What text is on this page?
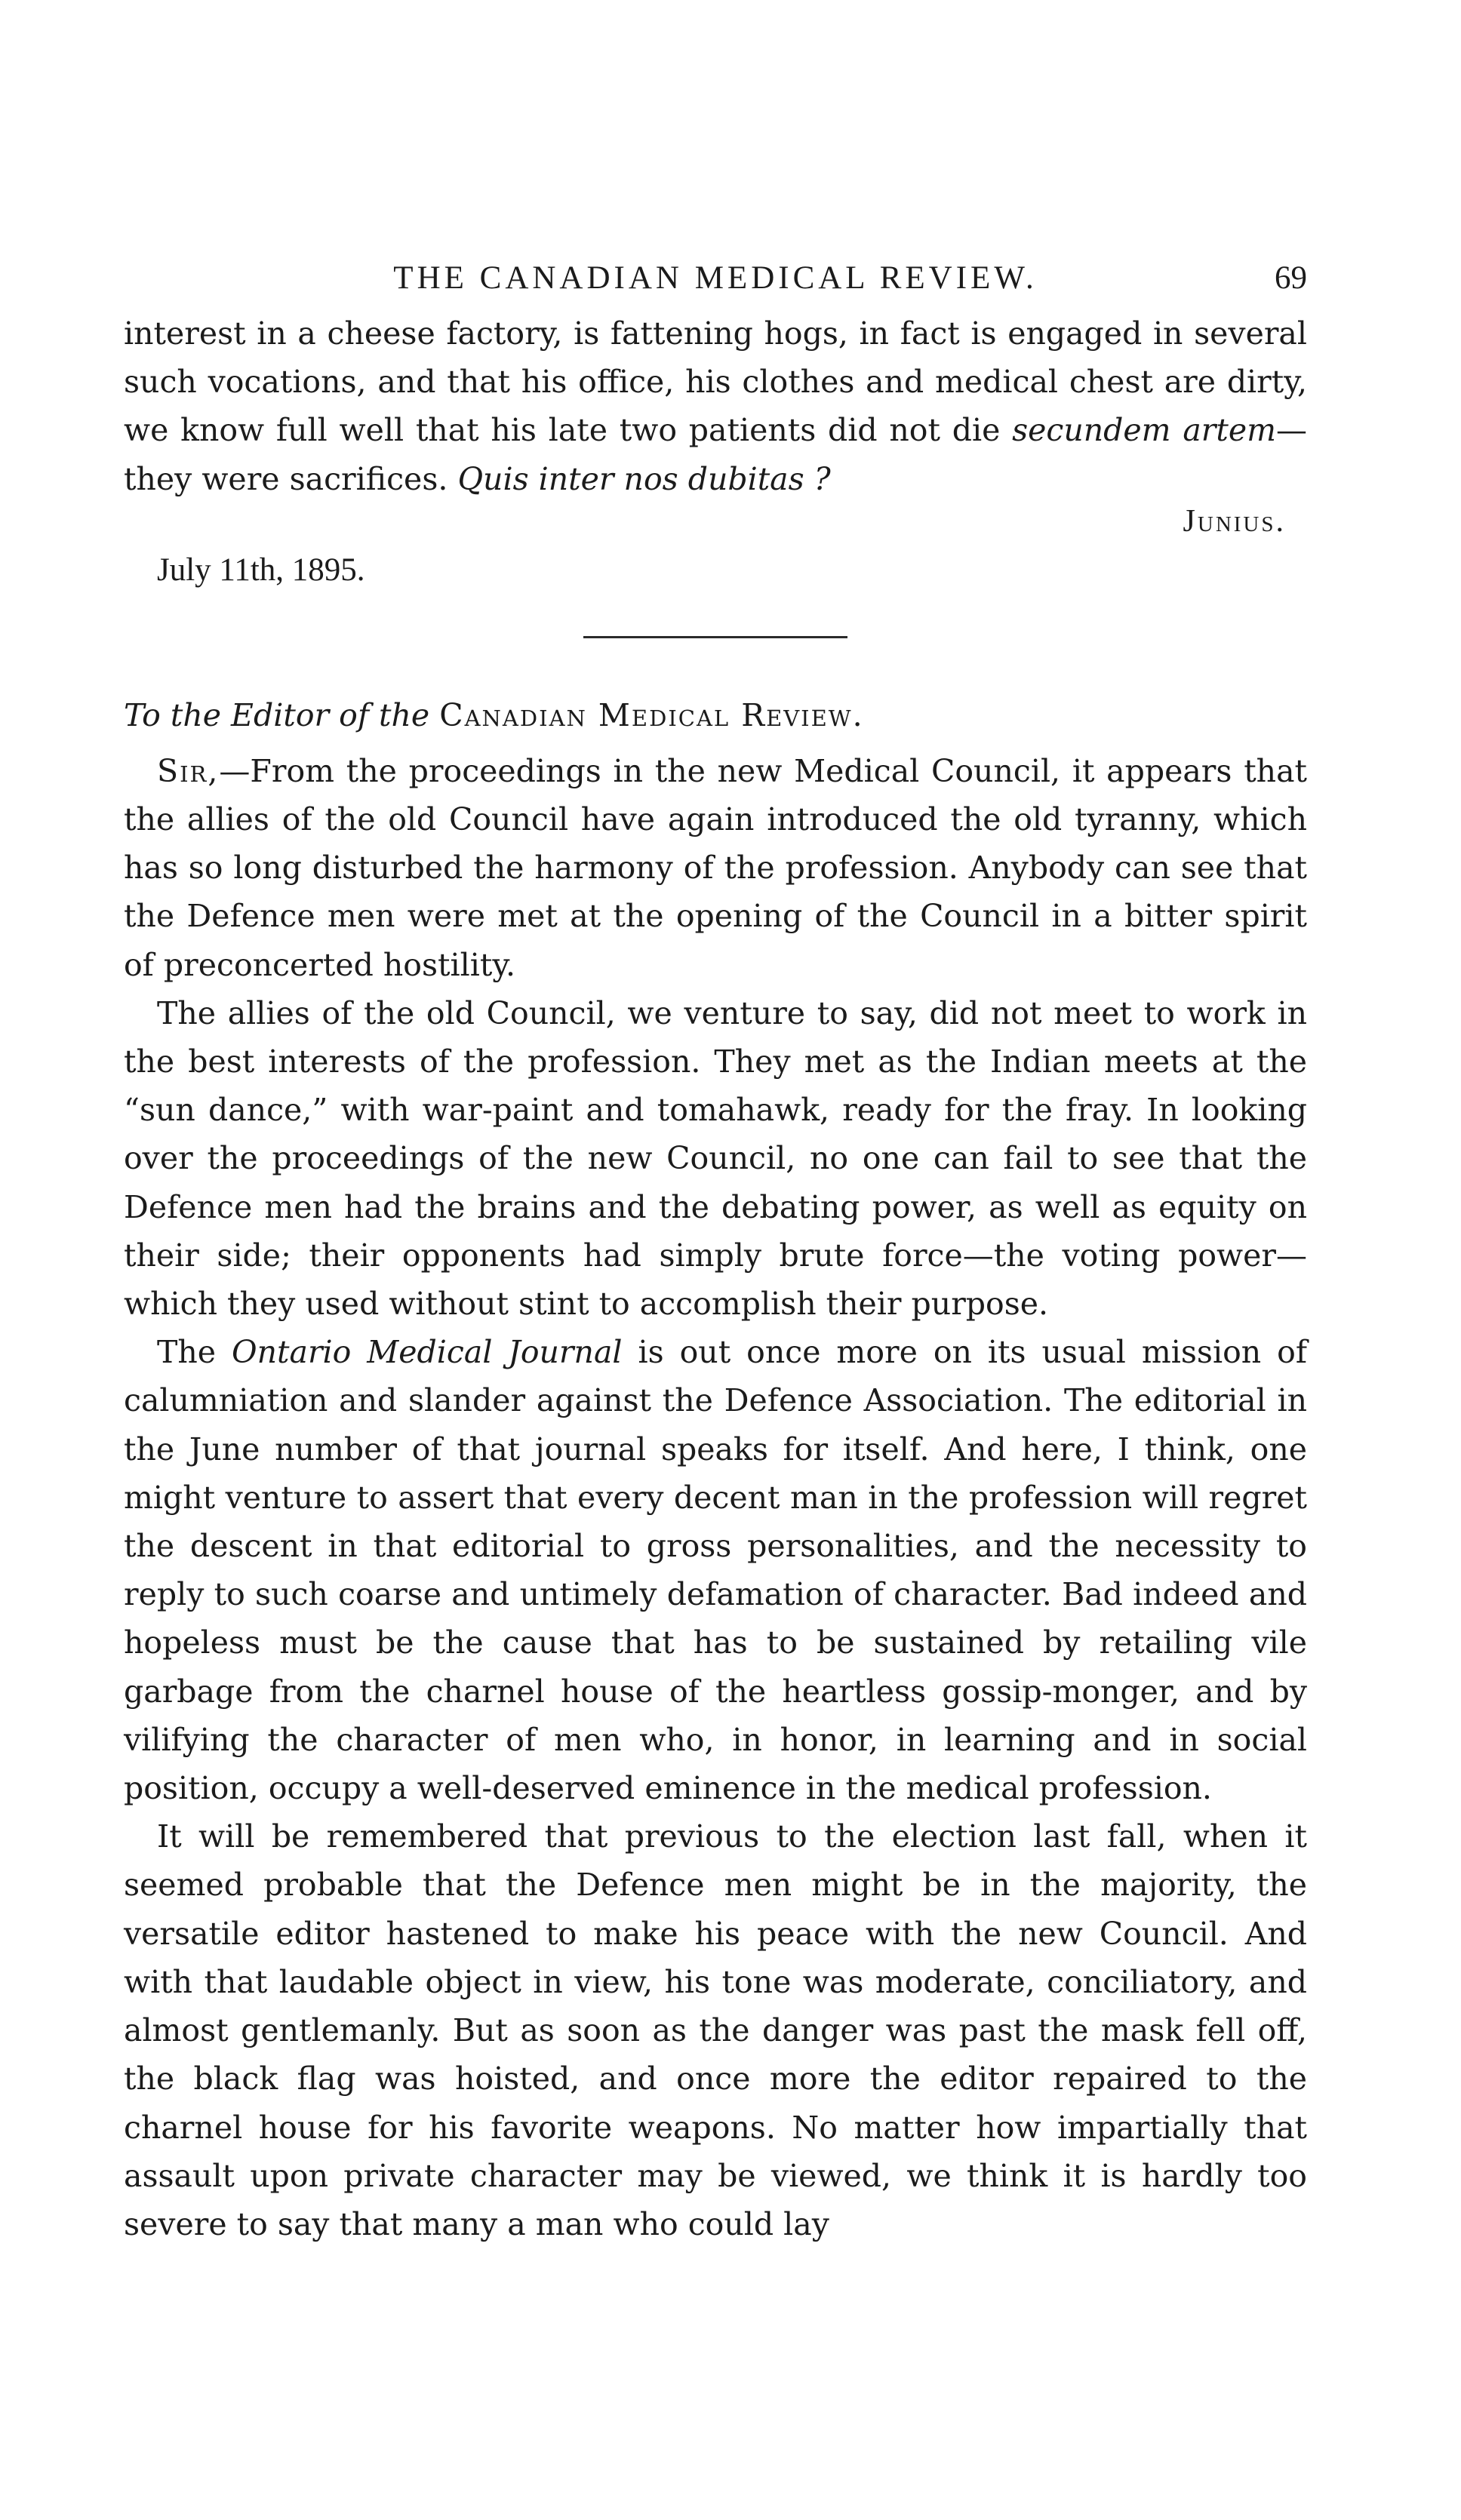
THE CANADIAN MEDICAL REVIEW.	69

interest in a cheese factory, is fattening hogs, in fact is engaged in several such vocations, and that his office, his clothes and medical chest are dirty, we know full well that his late two patients did not die secundem artem—they were sacrifices. Quis inter nos dubitas ?

Junius.
July 11th, 1895.

To the Editor of the Canadian Medical Review.

Sir,—From the proceedings in the new Medical Council, it appears that the allies of the old Council have again introduced the old tyranny, which has so long disturbed the harmony of the profession. Anybody can see that the Defence men were met at the opening of the Council in a bitter spirit of preconcerted hostility.

The allies of the old Council, we venture to say, did not meet to work in the best interests of the profession. They met as the Indian meets at the “sun dance,” with war-paint and tomahawk, ready for the fray. In looking over the proceedings of the new Council, no one can fail to see that the Defence men had the brains and the debating power, as well as equity on their side; their opponents had simply brute force—the voting power—which they used without stint to accomplish their purpose.

The Ontario Medical Journal is out once more on its usual mission of calumniation and slander against the Defence Association. The editorial in the June number of that journal speaks for itself. And here, I think, one might venture to assert that every decent man in the profession will regret the descent in that editorial to gross personalities, and the necessity to reply to such coarse and untimely defamation of character. Bad indeed and hopeless must be the cause that has to be sustained by retailing vile garbage from the charnel house of the heartless gossip-monger, and by vilifying the character of men who, in honor, in learning and in social position, occupy a well-deserved eminence in the medical profession.

It will be remembered that previous to the election last fall, when it seemed probable that the Defence men might be in the majority, the versatile editor hastened to make his peace with the new Council. And with that laudable object in view, his tone was moderate, conciliatory, and almost gentlemanly. But as soon as the danger was past the mask fell off, the black flag was hoisted, and once more the editor repaired to the charnel house for his favorite weapons. No matter how impartially that assault upon private character may be viewed, we think it is hardly too severe to say that many a man who could lay
